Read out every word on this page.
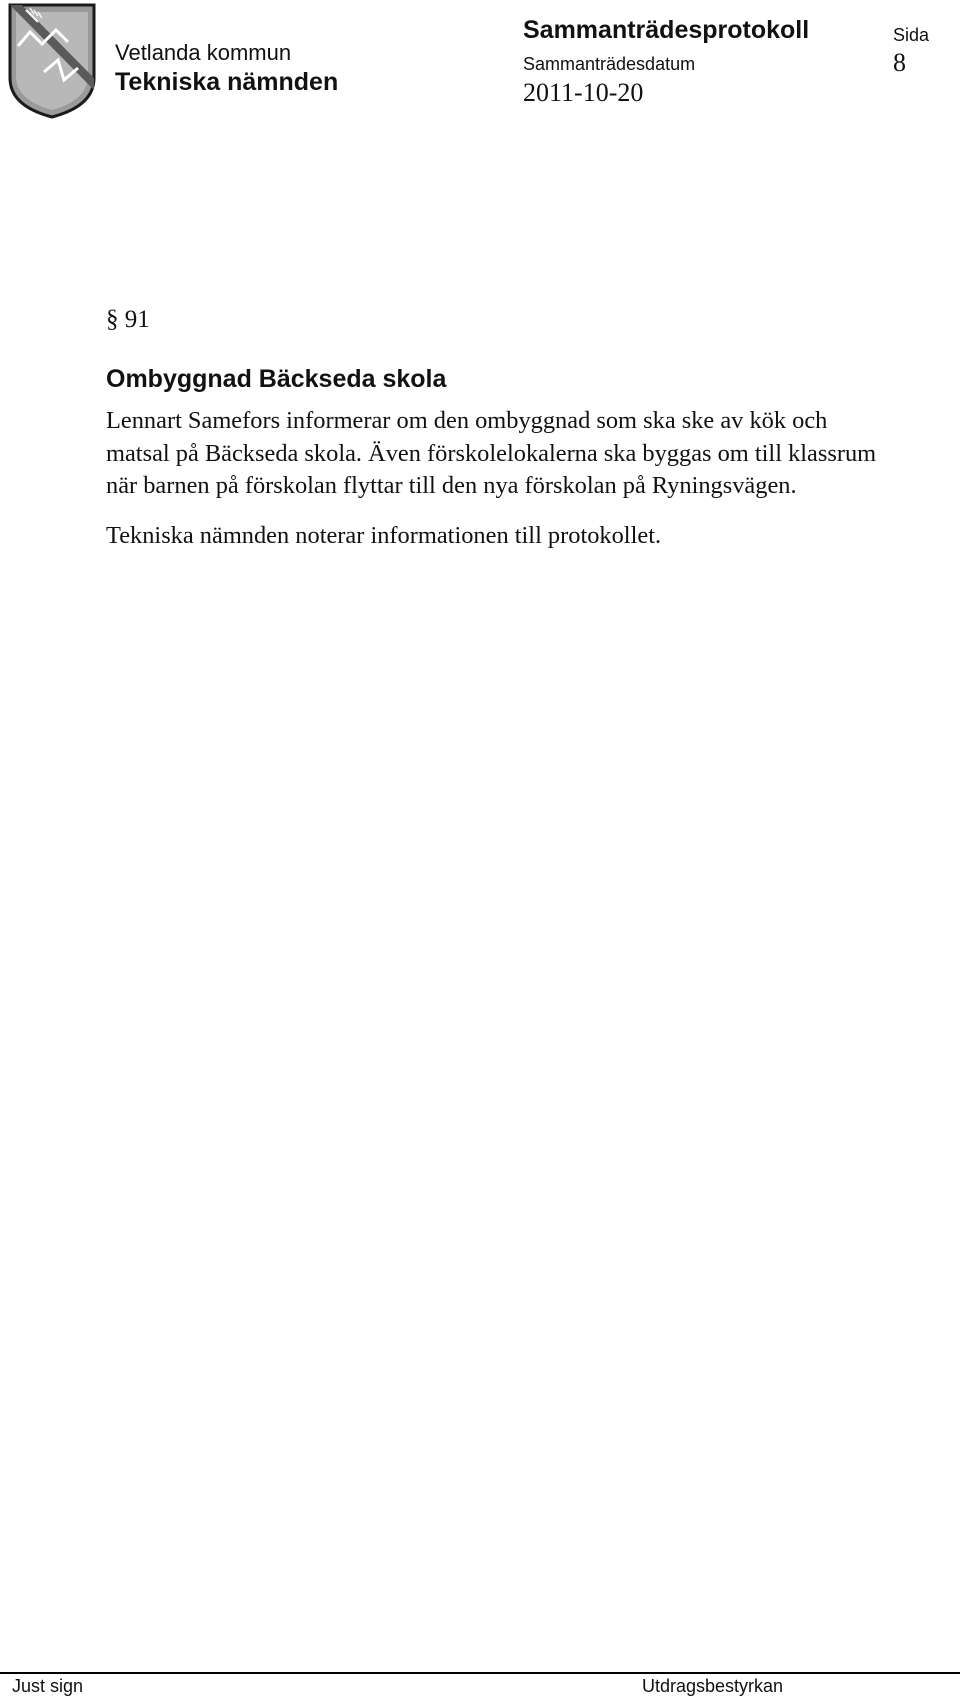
Vetlanda kommun
Tekniska nämnden
Sammanträdesprotokoll
Sammanträdesdatum
2011-10-20
Sida
8
§ 91
Ombyggnad Bäckseda skola

Lennart Samefors informerar om den ombyggnad som ska ske av kök och
matsal på Bäckseda skola. Även förskolelokalerna ska byggas om till klassrum
när barnen på förskolan flyttar till den nya förskolan på Ryningsvägen.

Tekniska nämnden noterar informationen till protokollet.

Just sign	Utdragsbestyrkan
